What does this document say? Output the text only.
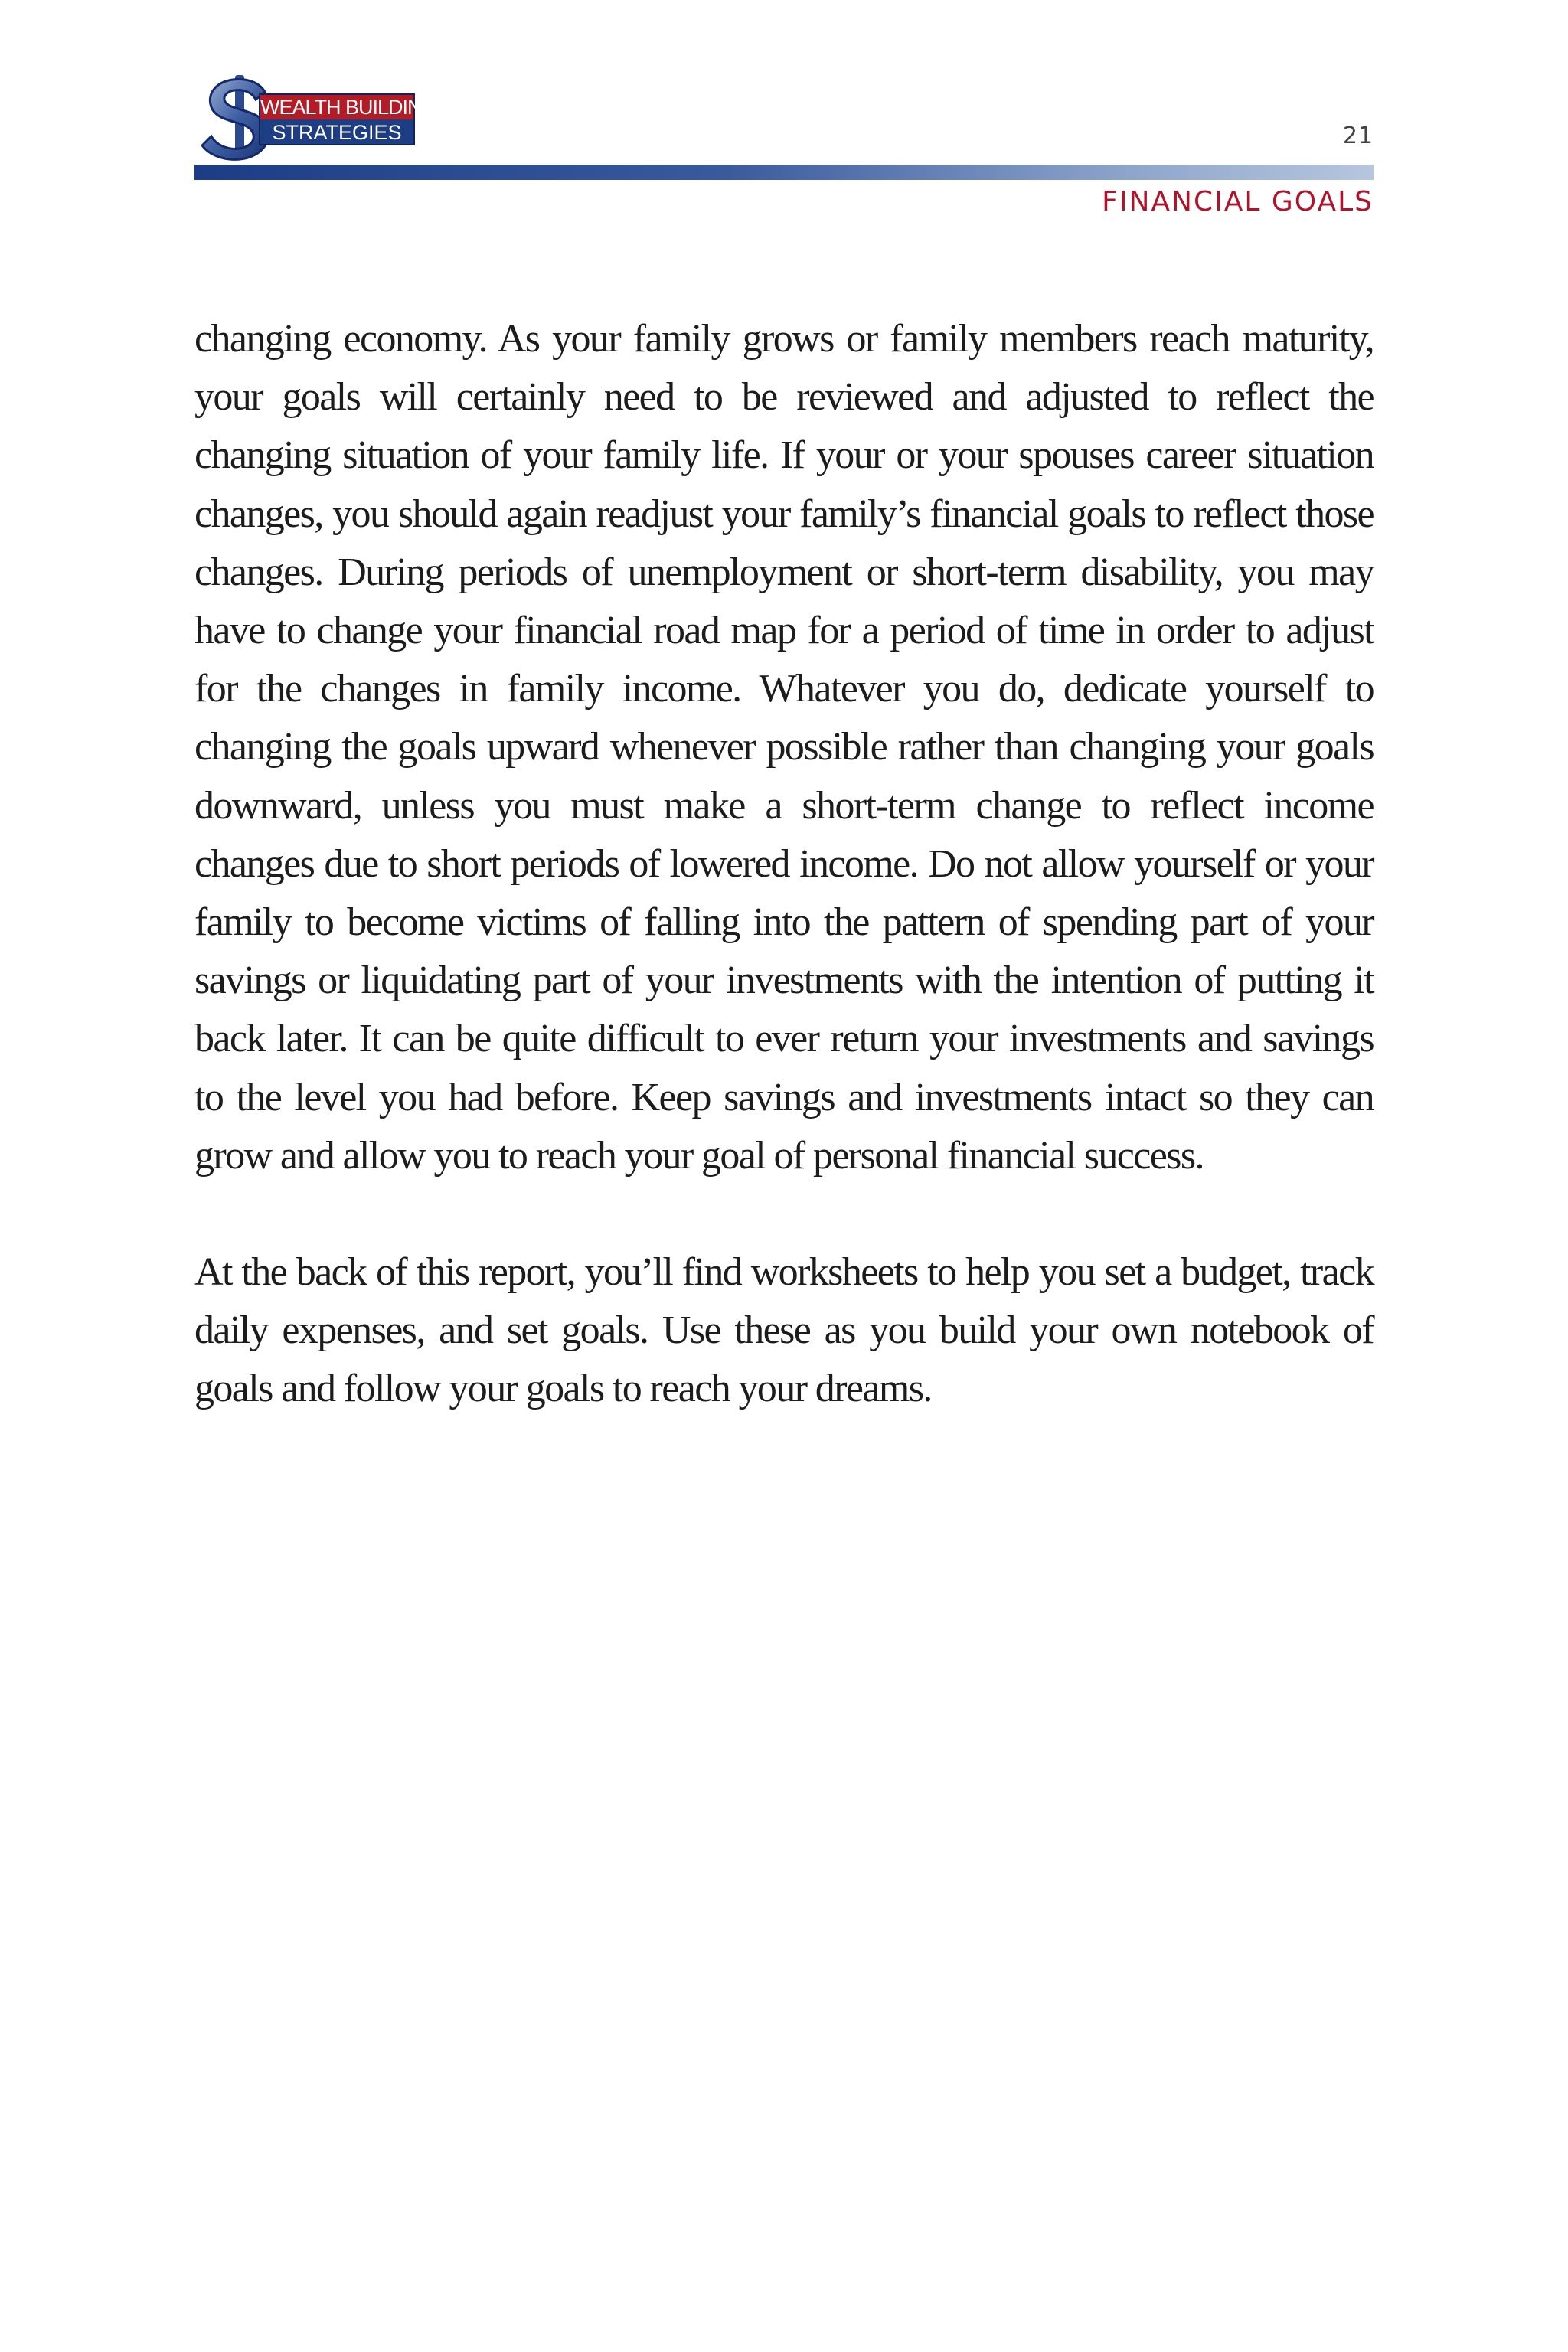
WEALTH BUILDING
STRATEGIES	21
FINANCIAL GOALS

changing economy. As your family grows or family members reach maturity, your goals will certainly need to be reviewed and adjusted to reflect the changing situation of your family life. If your or your spouses career situation changes, you should again readjust your family’s financial goals to reflect those changes. During periods of unemployment or short-term disability, you may have to change your financial road map for a period of time in order to adjust for the changes in family income. Whatever you do, dedicate yourself to changing the goals upward whenever possible rather than changing your goals downward, unless you must make a short-term change to reflect income changes due to short periods of lowered income. Do not allow yourself or your family to become victims of falling into the pattern of spending part of your savings or liquidating part of your investments with the intention of putting it back later. It can be quite difficult to ever return your investments and savings to the level you had before. Keep savings and investments intact so they can grow and allow you to reach your goal of personal financial success.

At the back of this report, you’ll find worksheets to help you set a budget, track daily expenses, and set goals. Use these as you build your own notebook of goals and follow your goals to reach your dreams.
